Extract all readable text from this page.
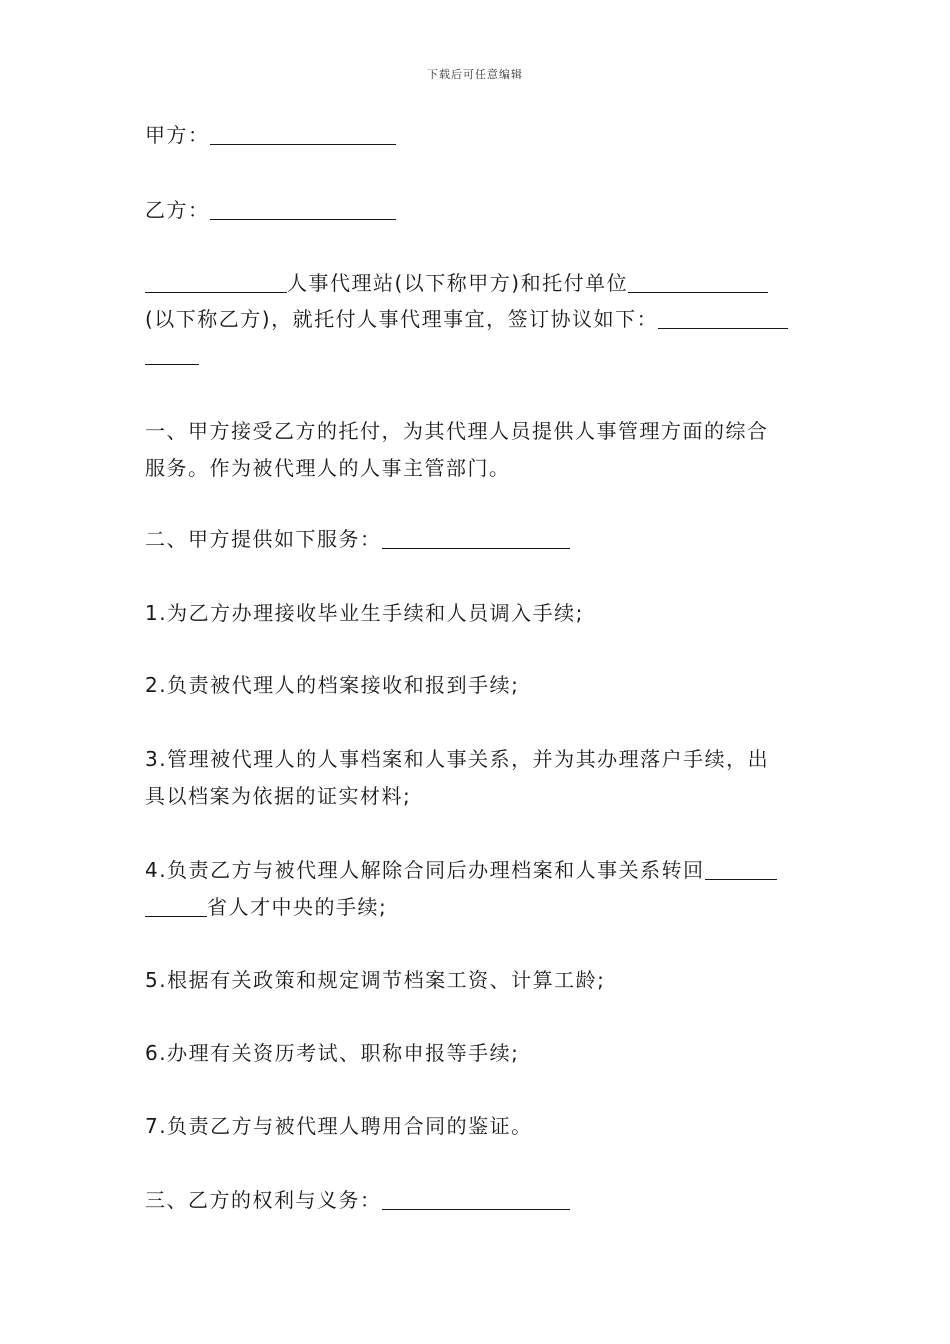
下载后可任意编辑
甲方：
乙方：
人事代理站(以下称甲方)和托付单位
(以下称乙方)，就托付人事代理事宜，签订协议如下：
一、甲方接受乙方的托付，为其代理人员提供人事管理方面的综合
服务。作为被代理人的人事主管部门。
二、甲方提供如下服务：
1.为乙方办理接收毕业生手续和人员调入手续;
2.负责被代理人的档案接收和报到手续;
3.管理被代理人的人事档案和人事关系，并为其办理落户手续，出
具以档案为依据的证实材料;
4.负责乙方与被代理人解除合同后办理档案和人事关系转回
省人才中央的手续;
5.根据有关政策和规定调节档案工资、计算工龄;
6.办理有关资历考试、职称申报等手续;
7.负责乙方与被代理人聘用合同的鉴证。
三、乙方的权利与义务：
